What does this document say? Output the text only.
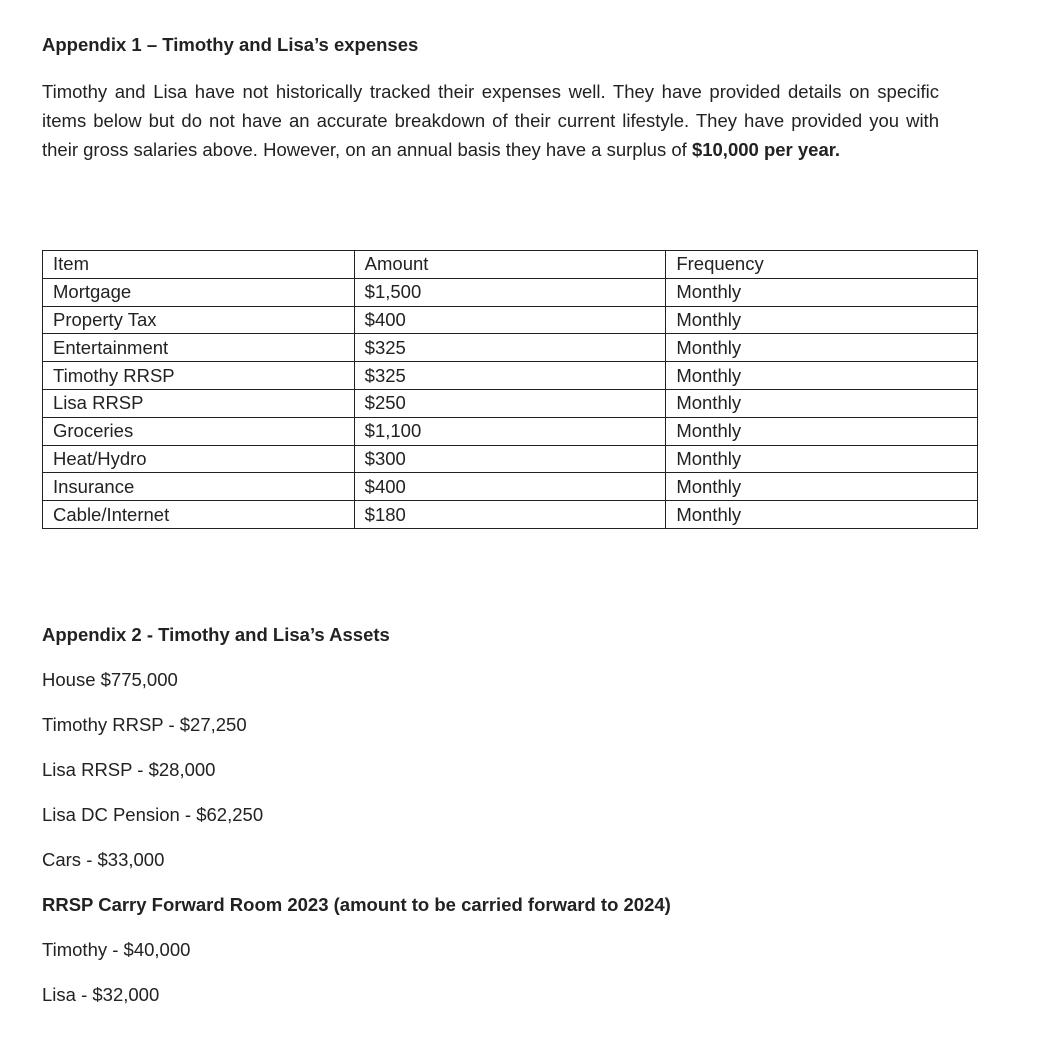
Appendix 1 – Timothy and Lisa’s expenses
Timothy and Lisa have not historically tracked their expenses well. They have provided details on specific items below but do not have an accurate breakdown of their current lifestyle. They have provided you with their gross salaries above. However, on an annual basis they have a surplus of $10,000 per year.
Item	Amount	Frequency
Mortgage	$1,500	Monthly
Property Tax	$400	Monthly
Entertainment	$325	Monthly
Timothy RRSP	$325	Monthly
Lisa RRSP	$250	Monthly
Groceries	$1,100	Monthly
Heat/Hydro	$300	Monthly
Insurance	$400	Monthly
Cable/Internet	$180	Monthly
Appendix 2 - Timothy and Lisa’s Assets
House $775,000
Timothy RRSP - $27,250
Lisa RRSP - $28,000
Lisa DC Pension - $62,250
Cars - $33,000
RRSP Carry Forward Room 2023 (amount to be carried forward to 2024)
Timothy - $40,000
Lisa - $32,000
